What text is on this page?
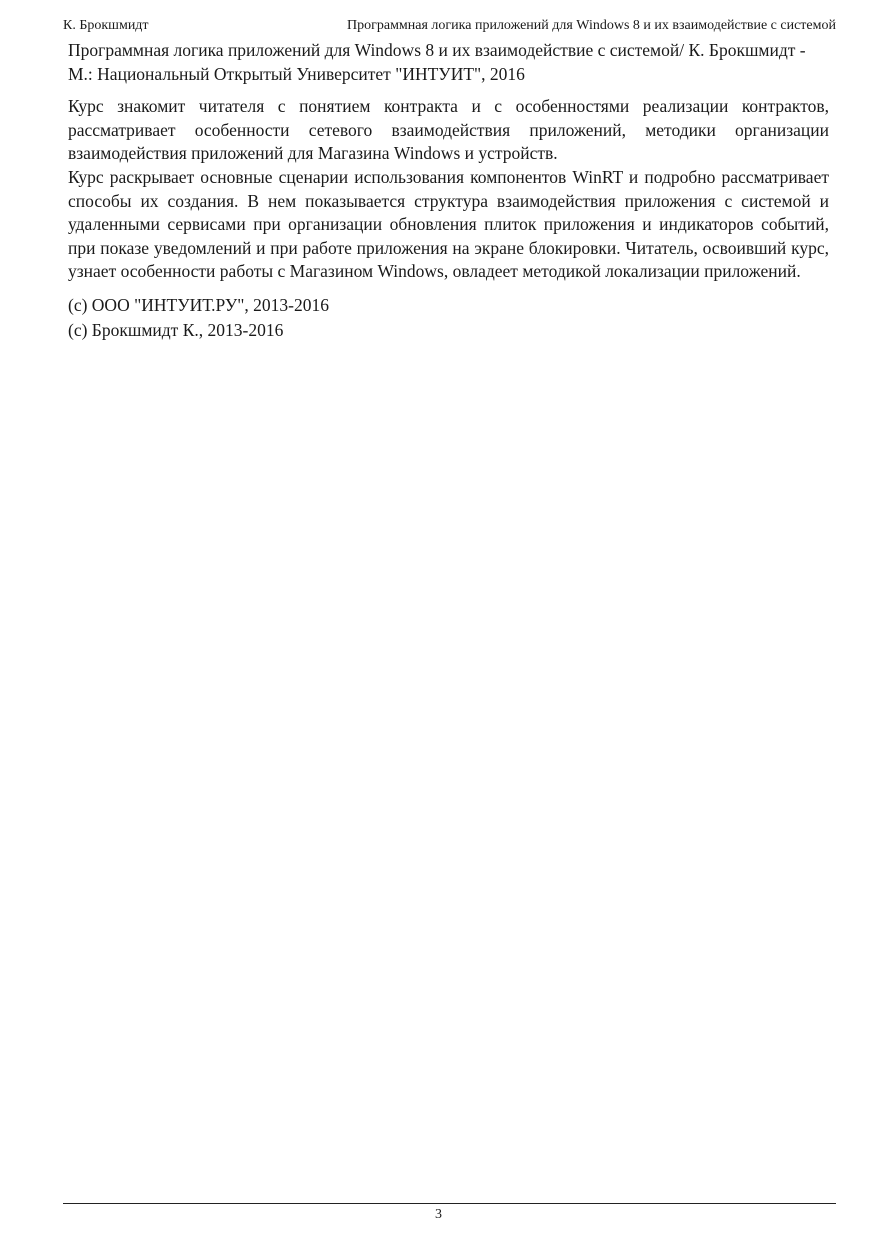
К. Брокшмидт	Программная логика приложений для Windows 8 и их взаимодействие с системой

Программная логика приложений для Windows 8 и их взаимодействие с системой/ К. Брокшмидт - М.: Национальный Открытый Университет "ИНТУИТ", 2016

Курс знакомит читателя с понятием контракта и с особенностями реализации контрактов, рассматривает особенности сетевого взаимодействия приложений, методики организации взаимодействия приложений для Магазина Windows и устройств.

Курс раскрывает основные сценарии использования компонентов WinRT и подробно рассматривает способы их создания. В нем показывается структура взаимодействия приложения с системой и удаленными сервисами при организации обновления плиток приложения и индикаторов событий, при показе уведомлений и при работе приложения на экране блокировки. Читатель, освоивший курс, узнает особенности работы с Магазином Windows, овладеет методикой локализации приложений.

(c) ООО "ИНТУИТ.РУ", 2013-2016

(c) Брокшмидт К., 2013-2016

3
